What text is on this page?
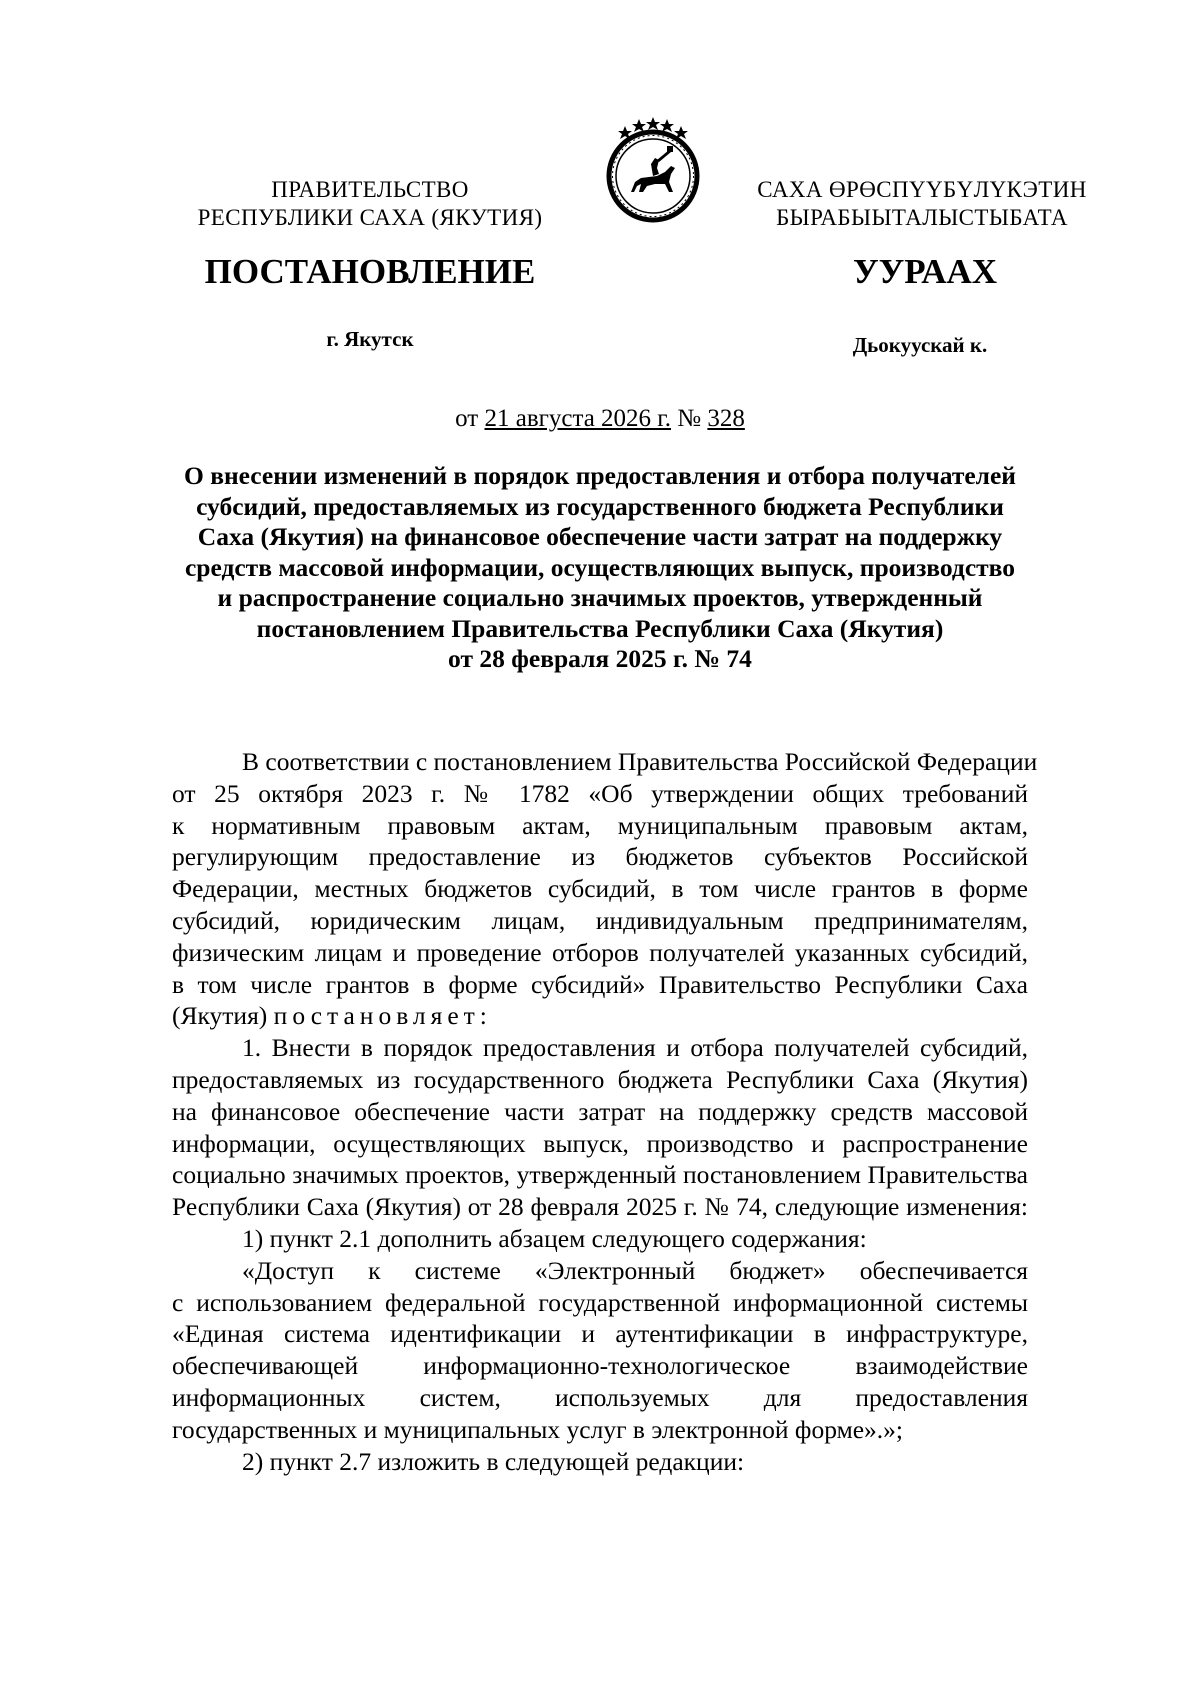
ПРАВИТЕЛЬСТВО
РЕСПУБЛИКИ САХА (ЯКУТИЯ)
САХА ӨРӨСПҮҮБҮЛҮКЭТИН
БЫРАБЫЫТАЛЫСТЫБАТА
ПОСТАНОВЛЕНИЕ	УУРААХ
г. Якутск	Дьокуускай к.
от 21 августа 2026 г. № 328
О внесении изменений в порядок предоставления и отбора получателей
субсидий, предоставляемых из государственного бюджета Республики
Саха (Якутия) на финансовое обеспечение части затрат на поддержку
средств массовой информации, осуществляющих выпуск, производство
и распространение социально значимых проектов, утвержденный
постановлением Правительства Республики Саха (Якутия)
от 28 февраля 2025 г. № 74
В соответствии с постановлением Правительства Российской Федерации
от 25 октября 2023 г. № 1782 «Об утверждении общих требований
к нормативным правовым актам, муниципальным правовым актам,
регулирующим предоставление из бюджетов субъектов Российской
Федерации, местных бюджетов субсидий, в том числе грантов в форме
субсидий, юридическим лицам, индивидуальным предпринимателям,
физическим лицам и проведение отборов получателей указанных субсидий,
в том числе грантов в форме субсидий» Правительство Республики Саха
(Якутия) постановляет:
1. Внести в порядок предоставления и отбора получателей субсидий,
предоставляемых из государственного бюджета Республики Саха (Якутия)
на финансовое обеспечение части затрат на поддержку средств массовой
информации, осуществляющих выпуск, производство и распространение
социально значимых проектов, утвержденный постановлением Правительства
Республики Саха (Якутия) от 28 февраля 2025 г. № 74, следующие изменения:
1) пункт 2.1 дополнить абзацем следующего содержания:
«Доступ к системе «Электронный бюджет» обеспечивается
с использованием федеральной государственной информационной системы
«Единая система идентификации и аутентификации в инфраструктуре,
обеспечивающей информационно-технологическое взаимодействие
информационных систем, используемых для предоставления
государственных и муниципальных услуг в электронной форме».»;
2) пункт 2.7 изложить в следующей редакции:
